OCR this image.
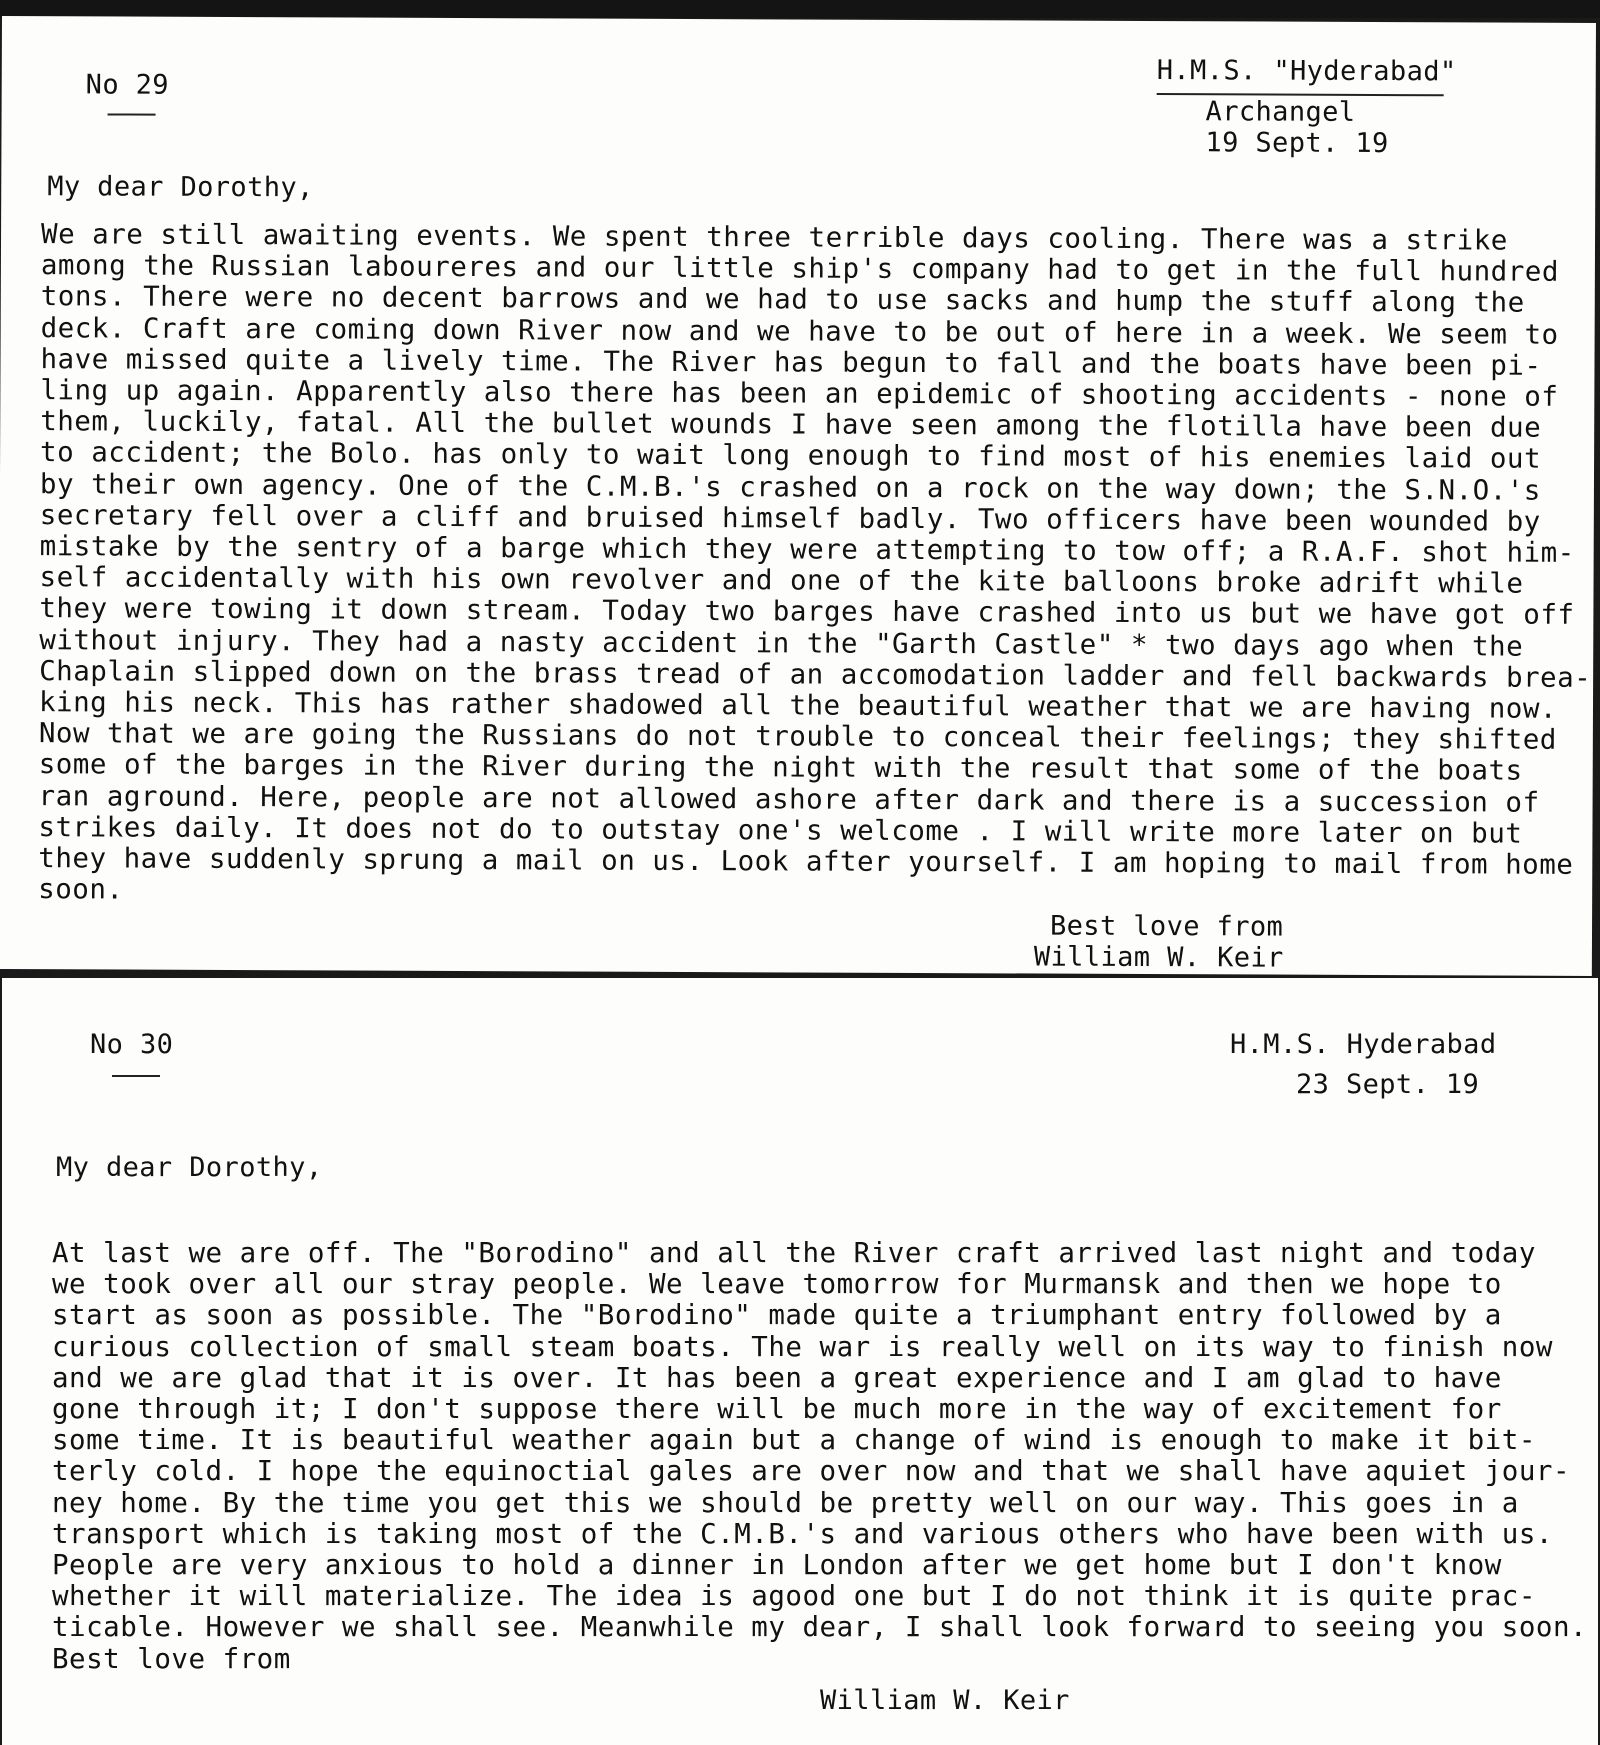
No 29	H.M.S. "Hyderabad"
Archangel
19 Sept. 19
My dear Dorothy,
We are still awaiting events. We spent three terrible days cooling. There was a strike
among the Russian laboureres and our little ship's company had to get in the full hundred
tons. There were no decent barrows and we had to use sacks and hump the stuff along the
deck. Craft are coming down River now and we have to be out of here in a week. We seem to
have missed quite a lively time. The River has begun to fall and the boats have been pi-
ling up again. Apparently also there has been an epidemic of shooting accidents - none of
them, luckily, fatal. All the bullet wounds I have seen among the flotilla have been due
to accident; the Bolo. has only to wait long enough to find most of his enemies laid out
by their own agency. One of the C.M.B.'s crashed on a rock on the way down; the S.N.O.'s
secretary fell over a cliff and bruised himself badly. Two officers have been wounded by
mistake by the sentry of a barge which they were attempting to tow off; a R.A.F. shot him-
self accidentally with his own revolver and one of the kite balloons broke adrift while
they were towing it down stream. Today two barges have crashed into us but we have got off
without injury. They had a nasty accident in the "Garth Castle" * two days ago when the
Chaplain slipped down on the brass tread of an accomodation ladder and fell backwards brea-
king his neck. This has rather shadowed all the beautiful weather that we are having now.
Now that we are going the Russians do not trouble to conceal their feelings; they shifted
some of the barges in the River during the night with the result that some of the boats
ran aground. Here, people are not allowed ashore after dark and there is a succession of
strikes daily. It does not do to outstay one's welcome . I will write more later on but
they have suddenly sprung a mail on us. Look after yourself. I am hoping to mail from home
soon.
Best love from
William W. Keir
No 30	H.M.S. Hyderabad
23 Sept. 19
My dear Dorothy,
At last we are off. The "Borodino" and all the River craft arrived last night and today
we took over all our stray people. We leave tomorrow for Murmansk and then we hope to
start as soon as possible. The "Borodino" made quite a triumphant entry followed by a
curious collection of small steam boats. The war is really well on its way to finish now
and we are glad that it is over. It has been a great experience and I am glad to have
gone through it; I don't suppose there will be much more in the way of excitement for
some time. It is beautiful weather again but a change of wind is enough to make it bit-
terly cold. I hope the equinoctial gales are over now and that we shall have aquiet jour-
ney home. By the time you get this we should be pretty well on our way. This goes in a
transport which is taking most of the C.M.B.'s and various others who have been with us.
People are very anxious to hold a dinner in London after we get home but I don't know
whether it will materialize. The idea is agood one but I do not think it is quite prac-
ticable. However we shall see. Meanwhile my dear, I shall look forward to seeing you soon.
Best love from
William W. Keir
